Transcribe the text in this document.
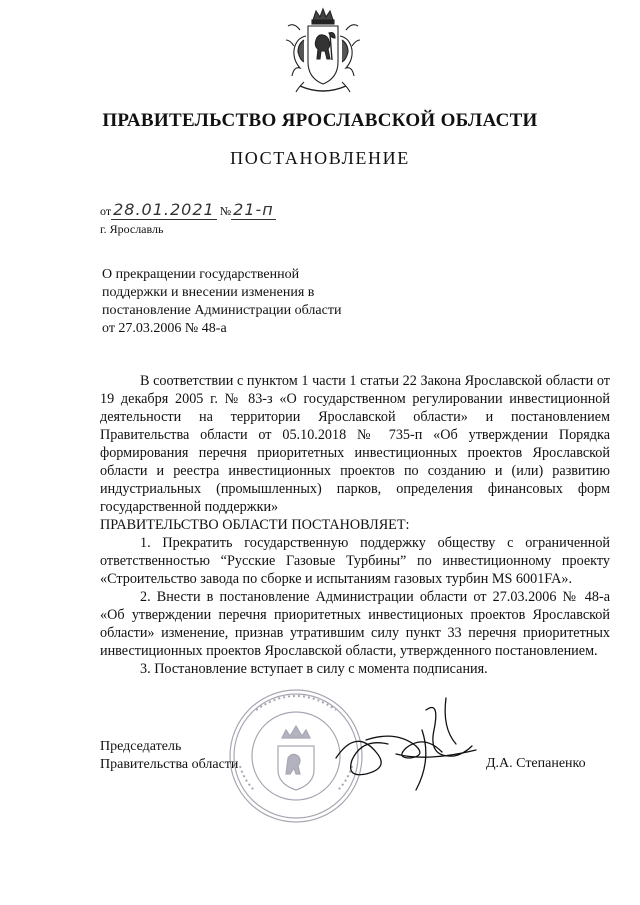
ПРАВИТЕЛЬСТВО ЯРОСЛАВСКОЙ ОБЛАСТИ
ПОСТАНОВЛЕНИЕ
от 28.01.2021 № 21-п
г. Ярославль
О прекращении государственной поддержки и внесении изменения в постановление Администрации области от 27.03.2006 № 48-а

В соответствии с пунктом 1 части 1 статьи 22 Закона Ярославской области от 19 декабря 2005 г. № 83-з «О государственном регулировании инвестиционной деятельности на территории Ярославской области» и постановлением Правительства области от 05.10.2018 № 735-п «Об утверждении Порядка формирования перечня приоритетных инвестиционных проектов Ярославской области и реестра инвестиционных проектов по созданию и (или) развитию индустриальных (промышленных) парков, определения финансовых форм государственной поддержки»

ПРАВИТЕЛЬСТВО ОБЛАСТИ ПОСТАНОВЛЯЕТ:

1. Прекратить государственную поддержку обществу с ограниченной ответственностью “Русские Газовые Турбины” по инвестиционному проекту «Строительство завода по сборке и испытаниям газовых турбин MS 6001FA».

2. Внести в постановление Администрации области от 27.03.2006 № 48-а «Об утверждении перечня приоритетных инвестиционых проектов Ярославской области» изменение, признав утратившим силу пункт 33 перечня приоритетных инвестиционных проектов Ярославской области, утвержденного постановлением.

3. Постановление вступает в силу с момента подписания.

Председатель
Правительства области	Д.А. Степаненко
